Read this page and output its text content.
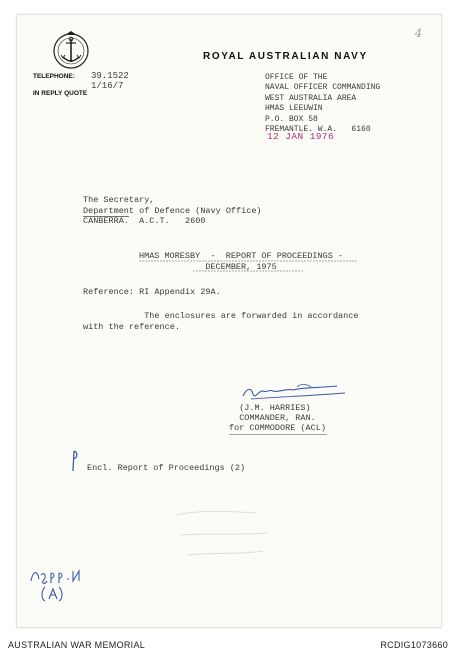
4
ROYAL AUSTRALIAN NAVY
TELEPHONE: 39.1522
IN REPLY QUOTE
1/16/7
OFFICE OF THE
NAVAL OFFICER COMMANDING
WEST AUSTRALIA AREA
HMAS LEEUWIN
P.O. BOX 58
FREMANTLE. W.A.   6160
12 JAN 1976
The Secretary,
Department of Defence (Navy Office)
CANBERRA.  A.C.T.   2600
HMAS MORESBY  -  REPORT OF PROCEEDINGS -
DECEMBER, 1975
Reference: RI Appendix 29A.
The enclosures are forwarded in accordance
with the reference.
(J.M. HARRIES)
COMMANDER, RAN.
for COMMODORE (ACL)
Encl. Report of Proceedings (2)
AUSTRALIAN WAR MEMORIAL	RCDIG1073660
